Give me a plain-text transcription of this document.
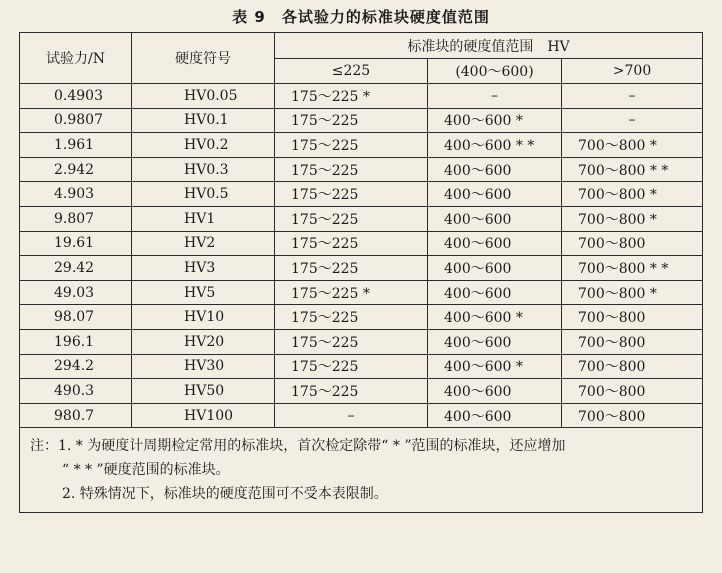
表 9　各试验力的标准块硬度值范围
试验力/N	硬度符号	标准块的硬度值范围　HV		
		≤225	(400～600)	>700
0.4903	HV0.05	175～225 *	–	–
0.9807	HV0.1	175～225	400～600 *	–
1.961	HV0.2	175～225	400～600 * *	700～800 *
2.942	HV0.3	175～225	400～600	700～800 * *
4.903	HV0.5	175～225	400～600	700～800 *
9.807	HV1	175～225	400～600	700～800 *
19.61	HV2	175～225	400～600	700～800
29.42	HV3	175～225	400～600	700～800 * *
49.03	HV5	175～225 *	400～600	700～800 *
98.07	HV10	175～225	400～600 *	700～800
196.1	HV20	175～225	400～600	700～800
294.2	HV30	175～225	400～600 *	700～800
490.3	HV50	175～225	400～600	700～800
980.7	HV100	–	400～600	700～800

注：1. * 为硬度计周期检定常用的标准块，首次检定除带“ * ”范围的标准块，还应增加
“ * * ”硬度范围的标准块。
2. 特殊情况下，标准块的硬度范围可不受本表限制。				
